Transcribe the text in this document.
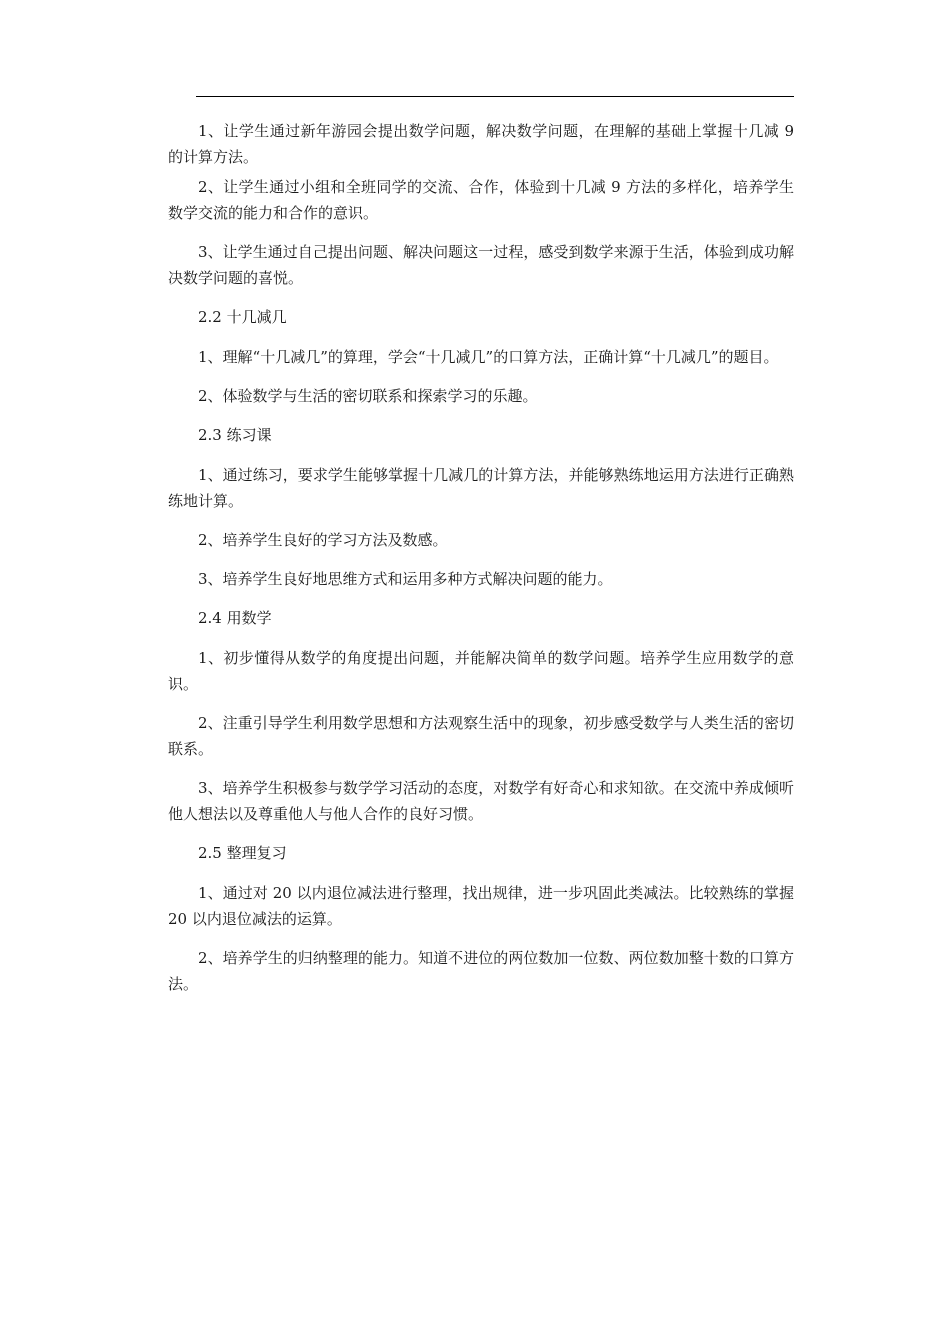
1、让学生通过新年游园会提出数学问题，解决数学问题，在理解的基础上掌握十几减 9 的计算方法。

2、让学生通过小组和全班同学的交流、合作，体验到十几减 9 方法的多样化，培养学生数学交流的能力和合作的意识。

3、让学生通过自己提出问题、解决问题这一过程，感受到数学来源于生活，体验到成功解决数学问题的喜悦。

2.2 十几减几

1、理解“十几减几”的算理，学会“十几减几”的口算方法，正确计算“十几减几”的题目。

2、体验数学与生活的密切联系和探索学习的乐趣。

2.3 练习课

1、通过练习，要求学生能够掌握十几减几的计算方法，并能够熟练地运用方法进行正确熟练地计算。

2、培养学生良好的学习方法及数感。

3、培养学生良好地思维方式和运用多种方式解决问题的能力。

2.4 用数学

1、初步懂得从数学的角度提出问题，并能解决简单的数学问题。培养学生应用数学的意识。

2、注重引导学生利用数学思想和方法观察生活中的现象，初步感受数学与人类生活的密切联系。

3、培养学生积极参与数学学习活动的态度，对数学有好奇心和求知欲。在交流中养成倾听他人想法以及尊重他人与他人合作的良好习惯。

2.5 整理复习

1、通过对 20 以内退位减法进行整理，找出规律，进一步巩固此类减法。比较熟练的掌握 20 以内退位减法的运算。

2、培养学生的归纳整理的能力。知道不进位的两位数加一位数、两位数加整十数的口算方法。
